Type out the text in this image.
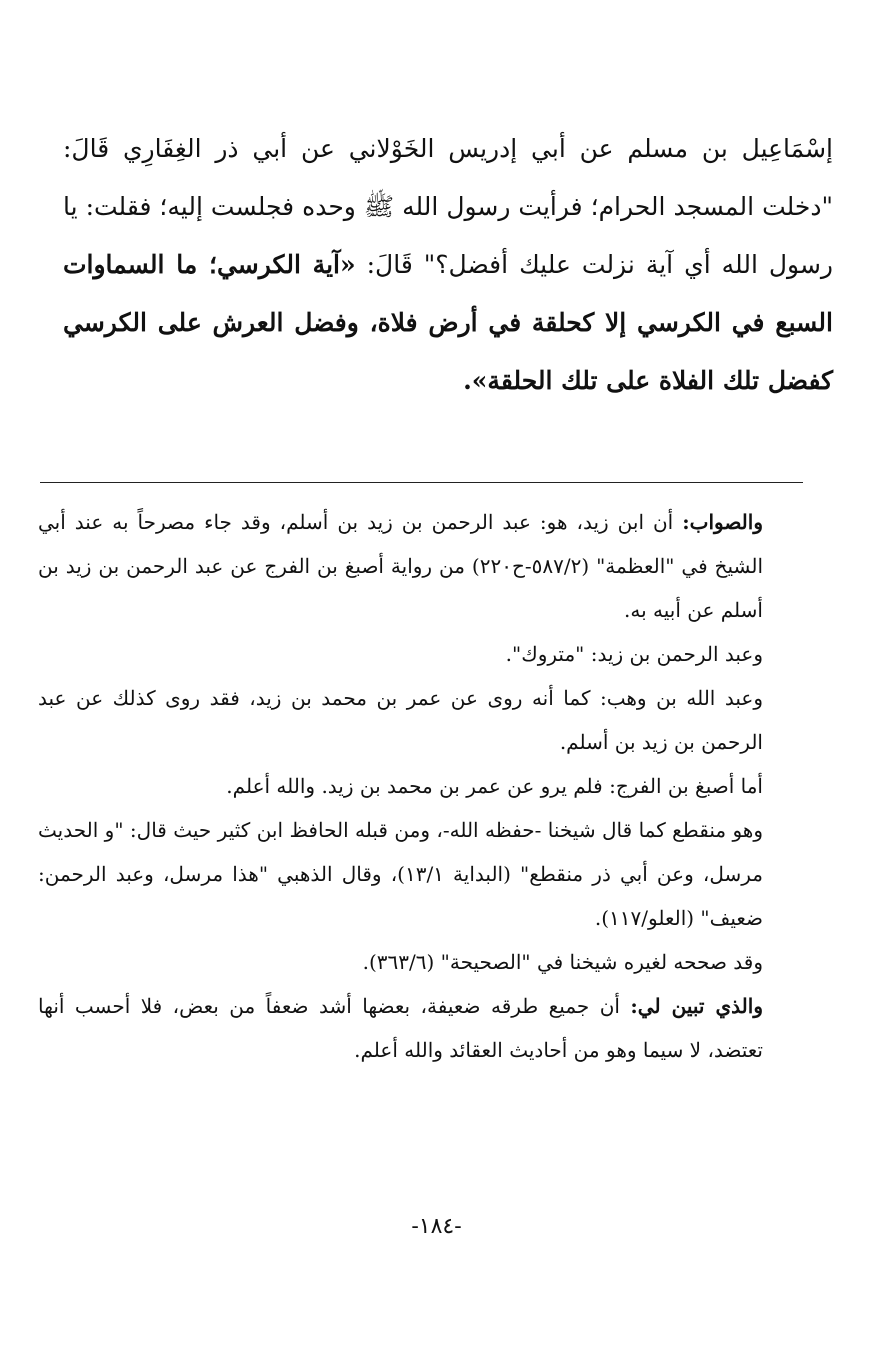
إسْمَاعِيل بن مسلم عن أبي إدريس الخَوْلاني عن أبي ذر الغِفَارِي قَالَ: "دخلت المسجد الحرام؛ فرأيت رسول الله ﷺ وحده فجلست إليه؛ فقلت: يا رسول الله أي آية نزلت عليك أفضل؟" قَالَ: «آية الكرسي؛ ما السماوات السبع في الكرسي إلا كحلقة في أرض فلاة، وفضل العرش على الكرسي كفضل تلك الفلاة على تلك الحلقة».

والصواب: أن ابن زيد، هو: عبد الرحمن بن زيد بن أسلم، وقد جاء مصرحاً به عند أبي الشيخ في "العظمة" (٥٨٧/٢-ح٢٢٠) من رواية أصبغ بن الفرج عن عبد الرحمن بن زيد بن أسلم عن أبيه به.

وعبد الرحمن بن زيد: "متروك".

وعبد الله بن وهب: كما أنه روى عن عمر بن محمد بن زيد، فقد روى كذلك عن عبد الرحمن بن زيد بن أسلم.

أما أصبغ بن الفرج: فلم يرو عن عمر بن محمد بن زيد. والله أعلم.

وهو منقطع كما قال شيخنا -حفظه الله-، ومن قبله الحافظ ابن كثير حيث قال: "و الحديث مرسل، وعن أبي ذر منقطع" (البداية ١٣/١)، وقال الذهبي "هذا مرسل، وعبد الرحمن: ضعيف" (العلو/١١٧).

وقد صححه لغيره شيخنا في "الصحيحة" (٣٦٣/٦).

والذي تبين لي: أن جميع طرقه ضعيفة، بعضها أشد ضعفاً من بعض، فلا أحسب أنها تعتضد، لا سيما وهو من أحاديث العقائد والله أعلم.

-١٨٤-
